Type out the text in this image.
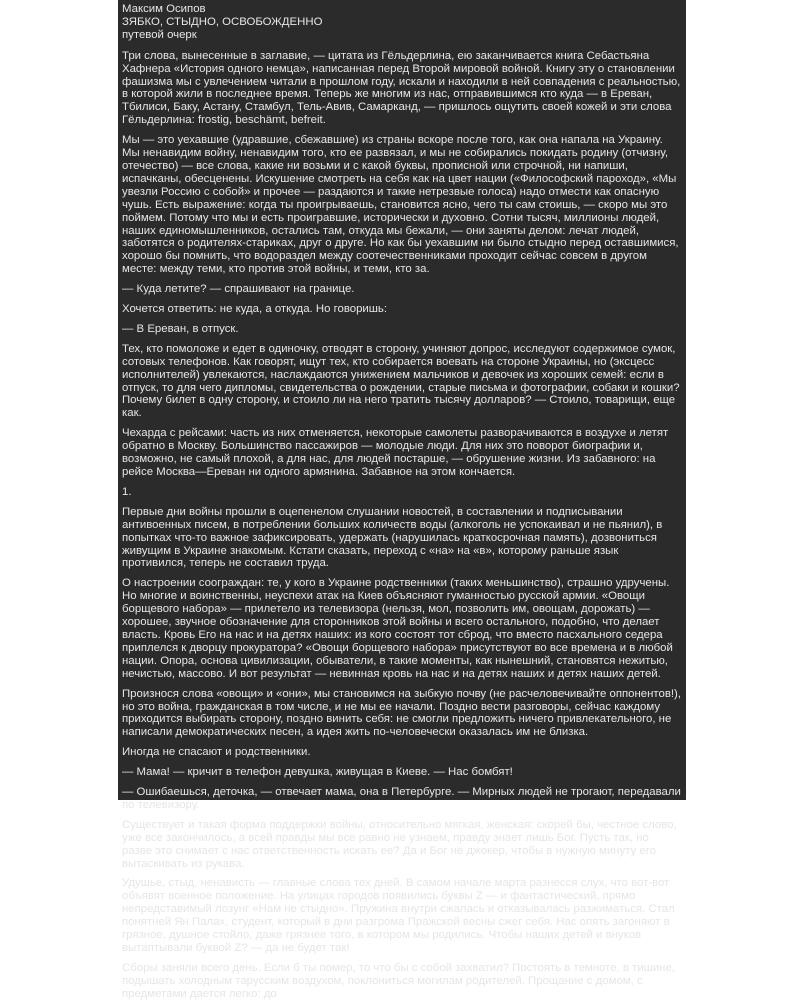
Максим Осипов
ЗЯБКО, СТЫДНО, ОСВОБОЖДЕННО
путевой очерк
Три слова, вынесенные в заглавие, — цитата из Гёльдерлина, ею заканчивается книга Себастьяна Хафнера «История одного немца», написанная перед Второй мировой войной. Книгу эту о становлении фашизма мы с увлечением читали в прошлом году, искали и находили в ней совпадения с реальностью, в которой жили в последнее время. Теперь же многим из нас, отправившимся кто куда — в Ереван, Тбилиси, Баку, Астану, Стамбул, Тель-Авив, Самарканд, — пришлось ощутить своей кожей и эти слова Гёльдерлина: frostig, beschämt, befreit.
Мы — это уехавшие (удравшие, сбежавшие) из страны вскоре после того, как она напала на Украину. Мы ненавидим войну, ненавидим того, кто ее развязал, и мы не собирались покидать родину (отчизну, отечество) — все слова, какие ни возьми и с какой буквы, прописной или строчной, ни напиши, испачканы, обесценены. Искушение смотреть на себя как на цвет нации («Философский пароход», «Мы увезли Россию с собой» и прочее — раздаются и такие нетрезвые голоса) надо отмести как опасную чушь. Есть выражение: когда ты проигрываешь, становится ясно, чего ты сам стоишь, — скоро мы это поймем. Потому что мы и есть проигравшие, исторически и духовно. Сотни тысяч, миллионы людей, наших единомышленников, остались там, откуда мы бежали, — они заняты делом: лечат людей, заботятся о родителях-стариках, друг о друге. Но как бы уехавшим ни было стыдно перед оставшимися, хорошо бы помнить, что водораздел между соотечественниками проходит сейчас совсем в другом месте: между теми, кто против этой войны, и теми, кто за.
— Куда летите? — спрашивают на границе.
Хочется ответить: не куда, а откуда. Но говоришь:
— В Ереван, в отпуск.
Тех, кто помоложе и едет в одиночку, отводят в сторону, учиняют допрос, исследуют содержимое сумок, сотовых телефонов. Как говорят, ищут тех, кто собирается воевать на стороне Украины, но (эксцесс исполнителей) увлекаются, наслаждаются унижением мальчиков и девочек из хороших семей: если в отпуск, то для чего дипломы, свидетельства о рождении, старые письма и фотографии, собаки и кошки? Почему билет в одну сторону, и стоило ли на него тратить тысячу долларов? — Стоило, товарищи, еще как.
Чехарда с рейсами: часть из них отменяется, некоторые самолеты разворачиваются в воздухе и летят обратно в Москву. Большинство пассажиров — молодые люди. Для них это поворот биографии и, возможно, не самый плохой, а для нас, для людей постарше, — обрушение жизни. Из забавного: на рейсе Москва—Ереван ни одного армянина. Забавное на этом кончается.
1.
Первые дни войны прошли в оцепенелом слушании новостей, в составлении и подписывании антивоенных писем, в потреблении больших количеств воды (алкоголь не успокаивал и не пьянил), в попытках что-то важное зафиксировать, удержать (нарушилась краткосрочная память), дозвониться живущим в Украине знакомым. Кстати сказать, переход с «на» на «в», которому раньше язык противился, теперь не составил труда.
О настроении соограждан: те, у кого в Украине родственники (таких меньшинство), страшно удручены. Но многие и воинственны, неуспехи атак на Киев объясняют гуманностью русской армии. «Овощи борщевого набора» — прилетело из телевизора (нельзя, мол, позволить им, овощам, дорожать) — хорошее, звучное обозначение для сторонников этой войны и всего остального, подобно, что делает власть. Кровь Его на нас и на детях наших: из кого состоят тот сброд, что вместо пасхального седера приплелся к дворцу прокуратора? «Овощи борщевого набора» присутствуют во все времена и в любой нации. Опора, основа цивилизации, обыватели, в такие моменты, как нынешний, становятся нежитью, нечистью, массово. И вот результат — невинная кровь на нас и на детях наших и детях наших детей.
Произнося слова «овощи» и «они», мы становимся на зыбкую почву (не расчеловечивайте оппонентов!), но это война, гражданская в том числе, и не мы ее начали. Поздно вести разговоры, сейчас каждому приходится выбирать сторону, поздно винить себя: не смогли предложить ничего привлекательного, не написали демократических песен, а идея жить по-человечески оказалась им не близка.
Иногда не спасают и родственники.
— Мама! — кричит в телефон девушка, живущая в Киеве. — Нас бомбят!
— Ошибаешься, деточка, — отвечает мама, она в Петербурге. — Мирных людей не трогают, передавали по телевизору.
Существует и такая форма поддержки войны, относительно мягкая, женская: скорей бы, честное слово, уже все закончилось, а всей правды мы все равно не узнаем, правду знает лишь Бог. Пусть так, но разве это снимает с нас ответственность искать ее? Да и Бог не джокер, чтобы в нужную минуту его вытаскивать из рукава.
Удушье, стыд, ненависть — главные слова тех дней. В самом начале марта разнесся слух, что вот-вот объявят военное положение. На улицах городов появились буквы Z — и фантастический, прямо непредставимый лозунг «Нам не стыдно». Пружина внутри сжалась и отказывалась разжиматься. Стал понятней Ян Палах, студент, который в дни разгрома Пражской весны сжег себя. Нас опять загоняют в грязное, душное стойло, даже грязнее того, в котором мы родились. Чтобы наших детей и внуков вытаптывали буквой Z? — да не будет так!
Сборы заняли всего день. Если б ты помер, то что бы с собой захватил? Постоять в темноте, в тишине, подышать холодным тарусским воздухом, поклониться могилам родителей. Прощание с домом, с предметами дается легко: до
